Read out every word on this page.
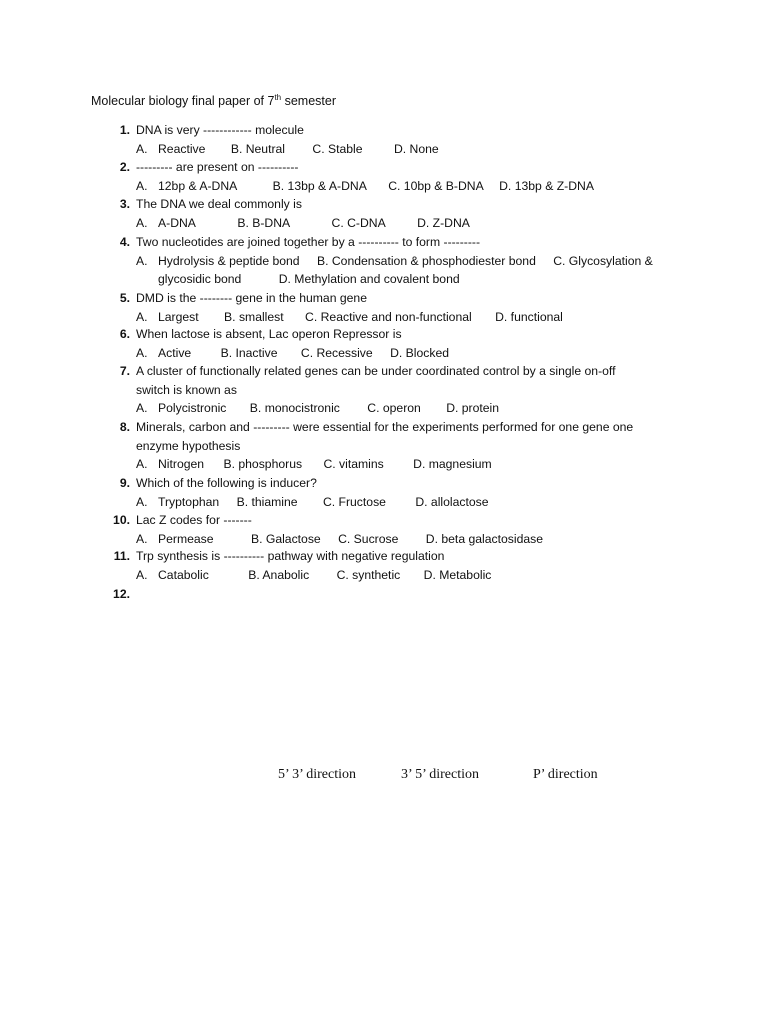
Molecular biology final paper of 7th semester
1. DNA is very ------------ molecule
A. Reactive B. Neutral C. Stable	D. None
2. --------- are present on ----------
A. 12bp & A-DNA	B. 13bp & A-DNA C. 10bp & B-DNA D. 13bp & Z-DNA
3. The DNA we deal commonly is
A. A-DNA	B. B-DNA	C. C-DNA	D. Z-DNA
4. Two nucleotides are joined together by a ---------- to form ---------
A. Hydrolysis & peptide bond B. Condensation & phosphodiester bond C. Glycosylation &
glycosidic bond	D. Methylation and covalent bond
5. DMD is the -------- gene in the human gene
A. Largest B. smallest C. Reactive and non-functional D. functional
6. When lactose is absent, Lac operon Repressor is
A. Active B. Inactive C. Recessive D. Blocked
7. A cluster of functionally related genes can be under coordinated control by a single on-off
switch is known as
A. Polycistronic B. monocistronic C. operon D. protein
8. Minerals, carbon and --------- were essential for the experiments performed for one gene one
enzyme hypothesis
A. Nitrogen B. phosphorus C. vitamins D. magnesium
9. Which of the following is inducer?
A. Tryptophan B. thiamine C. Fructose D. allolactose
10. Lac Z codes for -------
A. Permease	B. Galactose C. Sucrose D. beta galactosidase
11. Trp synthesis is ---------- pathway with negative regulation
A. Catabolic	B. Anabolic C. synthetic D. Metabolic
12.
5’ 3’ direction	3’ 5’ direction	P’ direction
